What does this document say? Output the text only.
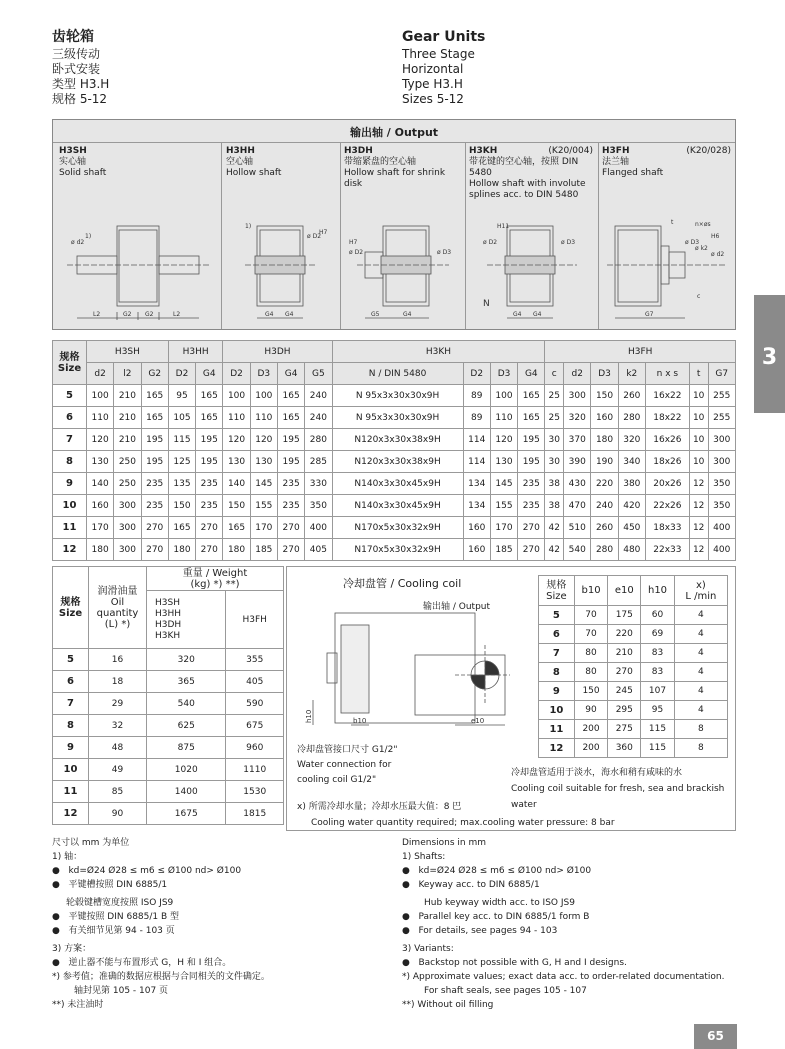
齿轮箱
三级传动
卧式安装
类型 H3.H
规格 5-12
Gear Units
Three Stage
Horizontal
Type H3.H
Sizes 5-12
3
输出轴 / Output
H3SH
实心轴
Solid shaft
H3HH
空心轴
Hollow shaft
H3DH
带缩紧盘的空心轴
Hollow shaft for shrink disk
H3KH	(K20/004)
带花键的空心轴，按照 DIN 5480
Hollow shaft with involute splines acc. to DIN 5480
H3FH	(K20/028)
法兰轴
Flanged shaft
ø d2
L2	G2 G2	L2
1)	ø D2
G4 G4
H7
1)
ø D2	ø D3
G5	G4
H7	ø D2	ø D3
G4 G4
N
H11
ø d2
ø D3
ø k2
G7
n×øs
t
c
H6
规格
Size	H3SH			H3HH		H3DH				H3KH				H3FH						
	d2	l2	G2	D2	G4	D2	D3	G4	G5	N / DIN 5480	D2	D3	G4	c	d2	D3	k2	n x s	t	G7
5	100	210	165	95	165	100	100	165	240	N 95x3x30x30x9H	89	100	165	25	300	150	260	16x22	10	255
6	110	210	165	105	165	110	110	165	240	N 95x3x30x30x9H	89	110	165	25	320	160	280	18x22	10	255
7	120	210	195	115	195	120	120	195	280	N120x3x30x38x9H	114	120	195	30	370	180	320	16x26	10	300
8	130	250	195	125	195	130	130	195	285	N120x3x30x38x9H	114	130	195	30	390	190	340	18x26	10	300
9	140	250	235	135	235	140	145	235	330	N140x3x30x45x9H	134	145	235	38	430	220	380	20x26	12	350
10	160	300	235	150	235	150	155	235	350	N140x3x30x45x9H	134	155	235	38	470	240	420	22x26	12	350
11	170	300	270	165	270	165	170	270	400	N170x5x30x32x9H	160	170	270	42	510	260	450	18x33	12	400
12	180	300	270	180	270	180	185	270	405	N170x5x30x32x9H	160	185	270	42	540	280	480	22x33	12	400
规格
Size	润滑油量
Oil quantity
(L) *)	重量 / Weight
(kg) *) **)	
		H3SH
H3HH
H3DH
H3KH	H3FH
5	16	320	355
6	18	365	405
7	29	540	590
8	32	625	675
9	48	875	960
10	49	1020	1110
11	85	1400	1530
12	90	1675	1815
冷却盘管 / Cooling coil
输出轴 / Output
h10	b10	e10
冷却盘管接口尺寸 G1/2"
Water connection for
cooling coil G1/2"
冷却盘管适用于淡水，海水和稍有咸味的水
Cooling coil suitable for fresh, sea and brackish water
x) 所需冷却水量；冷却水压最大值：8 巴
Cooling water quantity required; max.cooling water pressure: 8 bar
规格
Size	b10	e10	h10	x)
L /min
5	70	175	60	4
6	70	220	69	4
7	80	210	83	4
8	80	270	83	4
9	150	245	107	4
10	90	295	95	4
11	200	275	115	8
12	200	360	115	8
尺寸以 mm 为单位
1) 轴：
●   kd=Ø24 Ø28 ≤ m6 ≤ Ø100 nd> Ø100
●   平键槽按照 DIN 6885/1
轮毂键槽宽度按照 ISO JS9
●   平键按照 DIN 6885/1 B 型
●   有关细节见第 94 - 103 页
3) 方案：
●   逆止器不能与布置形式 G，H 和 I 组合。
*) 参考值；准确的数据应根据与合同相关的文件确定。
轴封见第 105 - 107 页
**) 未注油时
Dimensions in mm
1) Shafts:
●   kd=Ø24 Ø28 ≤ m6 ≤ Ø100 nd> Ø100
●   Keyway acc. to DIN 6885/1
Hub keyway width acc. to ISO JS9
●   Parallel key acc. to DIN 6885/1 form B
●   For details, see pages 94 - 103
3) Variants:
●   Backstop not possible with G, H and I designs.
*) Approximate values; exact data acc. to order-related documentation.
For shaft seals, see pages 105 - 107
**) Without oil filling
65
